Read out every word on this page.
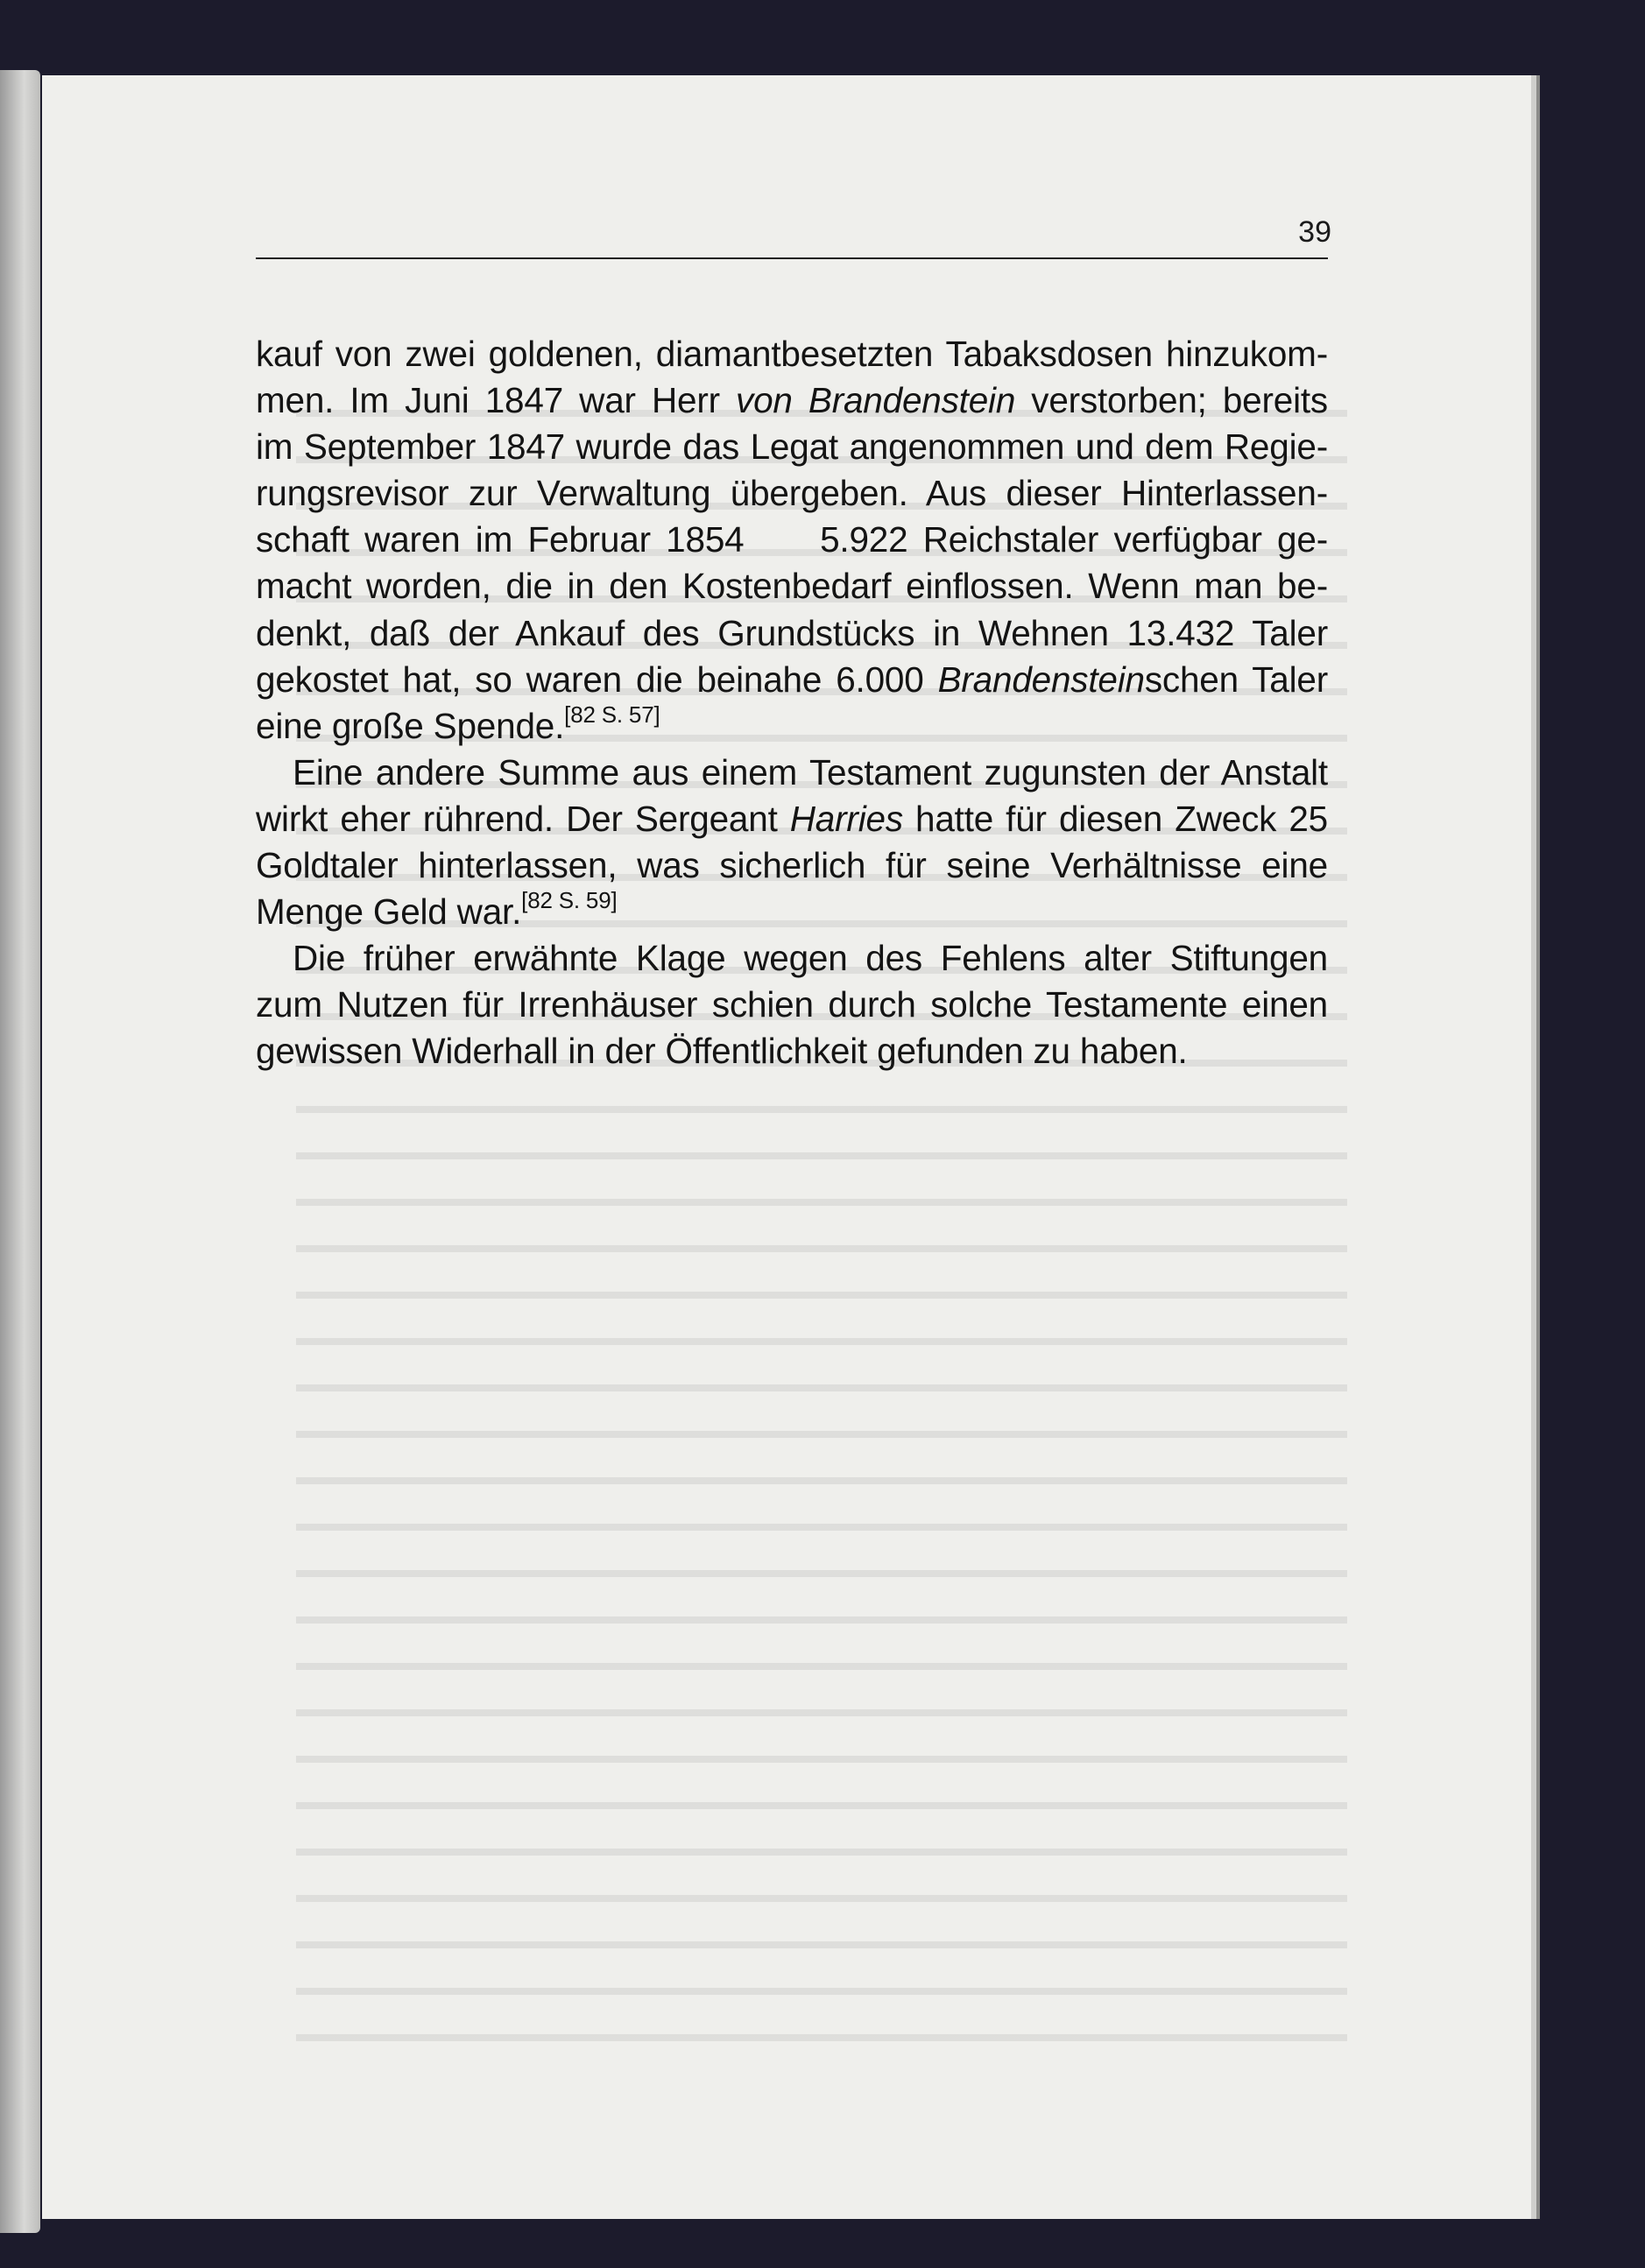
39
kauf von zwei goldenen, diamantbesetzten Tabaksdosen hinzukom-
men. Im Juni 1847 war Herr von Brandenstein verstorben; bereits
im September 1847 wurde das Legat angenommen und dem Regie-
rungsrevisor zur Verwaltung übergeben. Aus dieser Hinterlassen-
schaft waren im Februar 1854     5.922 Reichstaler verfügbar ge-
macht worden, die in den Kostenbedarf einflossen. Wenn man be-
denkt, daß der Ankauf des Grundstücks in Wehnen 13.432 Taler
gekostet hat, so waren die beinahe 6.000 Brandensteinschen Taler
eine große Spende.[82 S. 57]
Eine andere Summe aus einem Testament zugunsten der Anstalt
wirkt eher rührend. Der Sergeant Harries hatte für diesen Zweck 25
Goldtaler hinterlassen, was sicherlich für seine Verhältnisse eine
Menge Geld war.[82 S. 59]
Die früher erwähnte Klage wegen des Fehlens alter Stiftungen
zum Nutzen für Irrenhäuser schien durch solche Testamente einen
gewissen Widerhall in der Öffentlichkeit gefunden zu haben.
